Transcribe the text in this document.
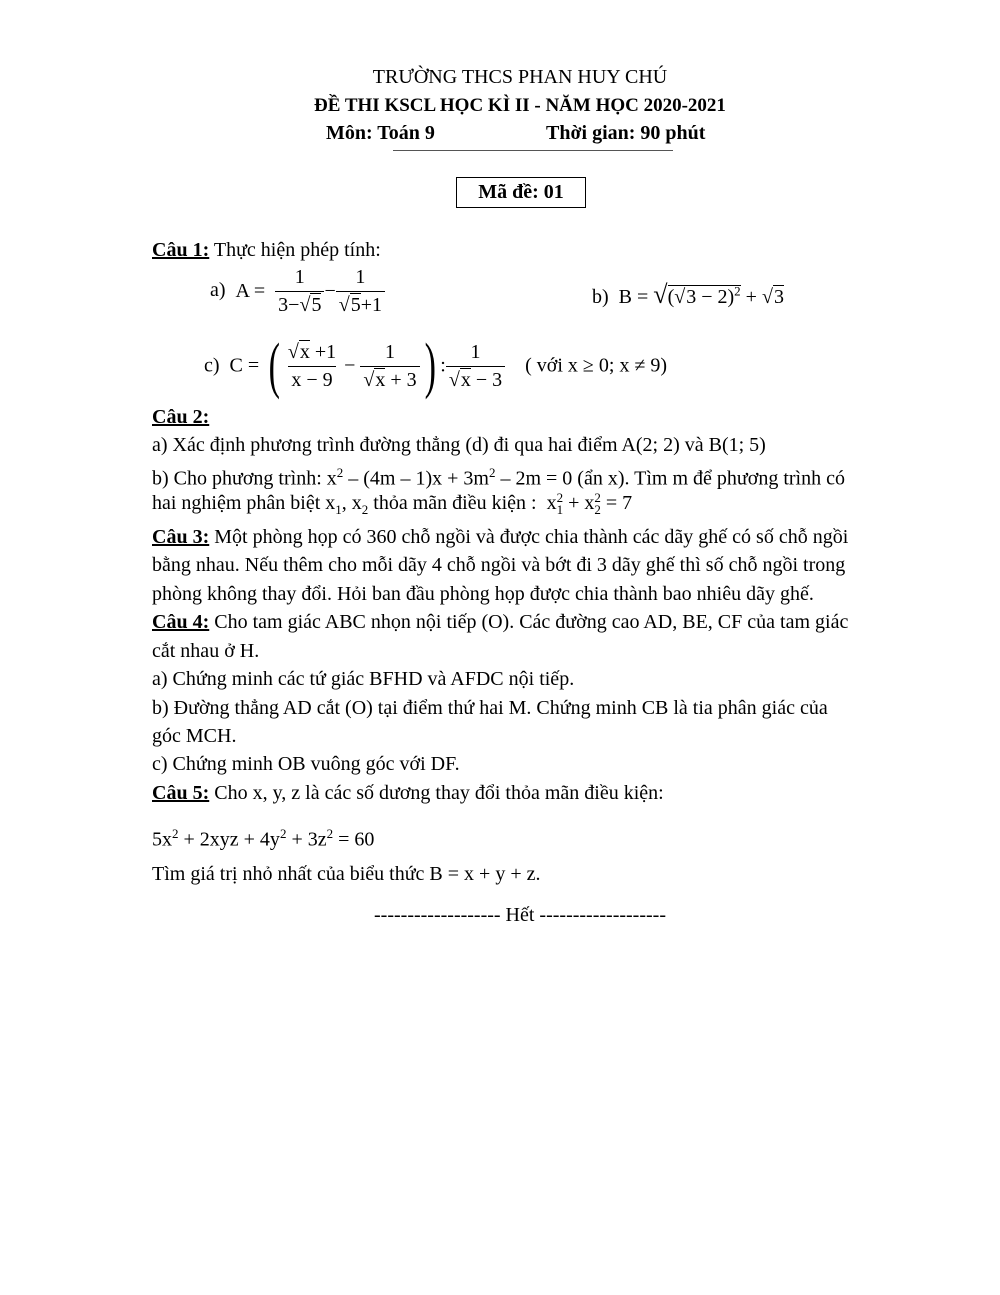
TRƯỜNG THCS PHAN HUY CHÚ
ĐỀ THI KSCL HỌC KÌ II - NĂM HỌC 2020-2021
Môn: Toán 9	Thời gian: 90 phút
Mã đề: 01
Câu 1: Thực hiện phép tính:
a)  $A = \frac{1}{3-√5} - \frac{1}{√5+1}$	b)  $B = √(√3 - 2)^2 + √3$
c)  C = ( $\frac{√x +1}{x - 9} - \frac{1}{√x + 3}$ ) : $\frac{1}{√x - 3}$ ( với x ≥ 0; x ≠ 9)
Câu 2:
a) Xác định phương trình đường thẳng (d) đi qua hai điểm A(2; 2) và B(1; 5)
b) Cho phương trình: $x^2 - (4m - 1)x + 3m^2 - 2m = 0$ (ẩn x). Tìm m để phương trình có
hai nghiệm phân biệt $x_1$, $x_2$ thỏa mãn điều kiện :  x $_{2 1}$ + x $_{2 2}$ = 7
Câu 3: Một phòng họp có 360 chỗ ngồi và được chia thành các dãy ghế có số chỗ ngồi
bằng nhau. Nếu thêm cho mỗi dãy 4 chỗ ngồi và bớt đi 3 dãy ghế thì số chỗ ngồi trong
phòng không thay đổi. Hỏi ban đầu phòng họp được chia thành bao nhiêu dãy ghế.
Câu 4: Cho tam giác ABC nhọn nội tiếp (O). Các đường cao AD, BE, CF của tam giác
cắt nhau ở H.
a) Chứng minh các tứ giác BFHD và AFDC nội tiếp.
b) Đường thẳng AD cắt (O) tại điểm thứ hai M. Chứng minh CB là tia phân giác của
góc MCH.
c) Chứng minh OB vuông góc với DF.
Câu 5: Cho x, y, z là các số dương thay đổi thỏa mãn điều kiện:
$5x^2 + 2xyz + 4y^2 + 3z^2 = 60$
Tìm giá trị nhỏ nhất của biểu thức B = x + y + z.
------------------- Hết -------------------
